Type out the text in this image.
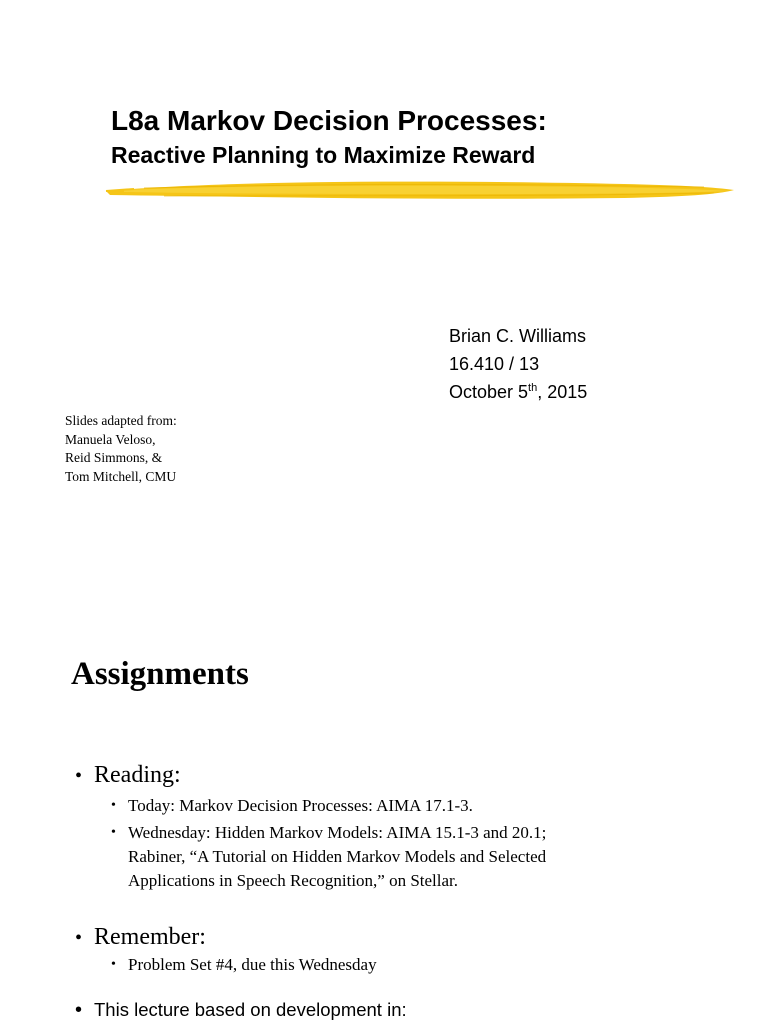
L8a Markov Decision Processes:
Reactive Planning to Maximize Reward
Brian C. Williams
16.410 / 13
October 5th, 2015
Slides adapted from:
Manuela Veloso,
Reid Simmons, &
Tom Mitchell, CMU
Assignments
• Reading:
• Today: Markov Decision Processes: AIMA 17.1-3.
• Wednesday: Hidden Markov Models: AIMA 15.1-3 and 20.1;
Rabiner, “A Tutorial on Hidden Markov Models and Selected
Applications in Speech Recognition,” on Stellar.
• Remember:
• Problem Set #4, due this Wednesday
• This lecture based on development in:
